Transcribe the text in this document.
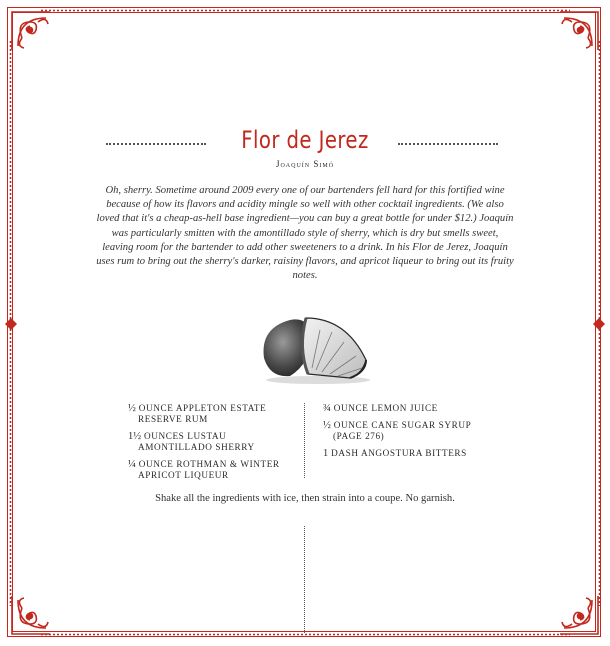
Flor de Jerez
Joaquín Simó

Oh, sherry. Sometime around 2009 every one of our bartenders fell hard for this fortified wine because of how its flavors and acidity mingle so well with other cocktail ingredients. (We also loved that it's a cheap-as-hell base ingredient—you can buy a great bottle for under $12.) Joaquín was particularly smitten with the amontillado style of sherry, which is dry but smells sweet, leaving room for the bartender to add other sweeteners to a drink. In his Flor de Jerez, Joaquín uses rum to bring out the sherry's darker, raisiny flavors, and apricot liqueur to bring out its fruity notes.

½ OUNCE APPLETON ESTATE
RESERVE RUM
1½ OUNCES LUSTAU
AMONTILLADO SHERRY
¼ OUNCE ROTHMAN & WINTER
APRICOT LIQUEUR
¾ OUNCE LEMON JUICE
½ OUNCE CANE SUGAR SYRUP
(PAGE 276)
1 DASH ANGOSTURA BITTERS
Shake all the ingredients with ice, then strain into a coupe. No garnish.
